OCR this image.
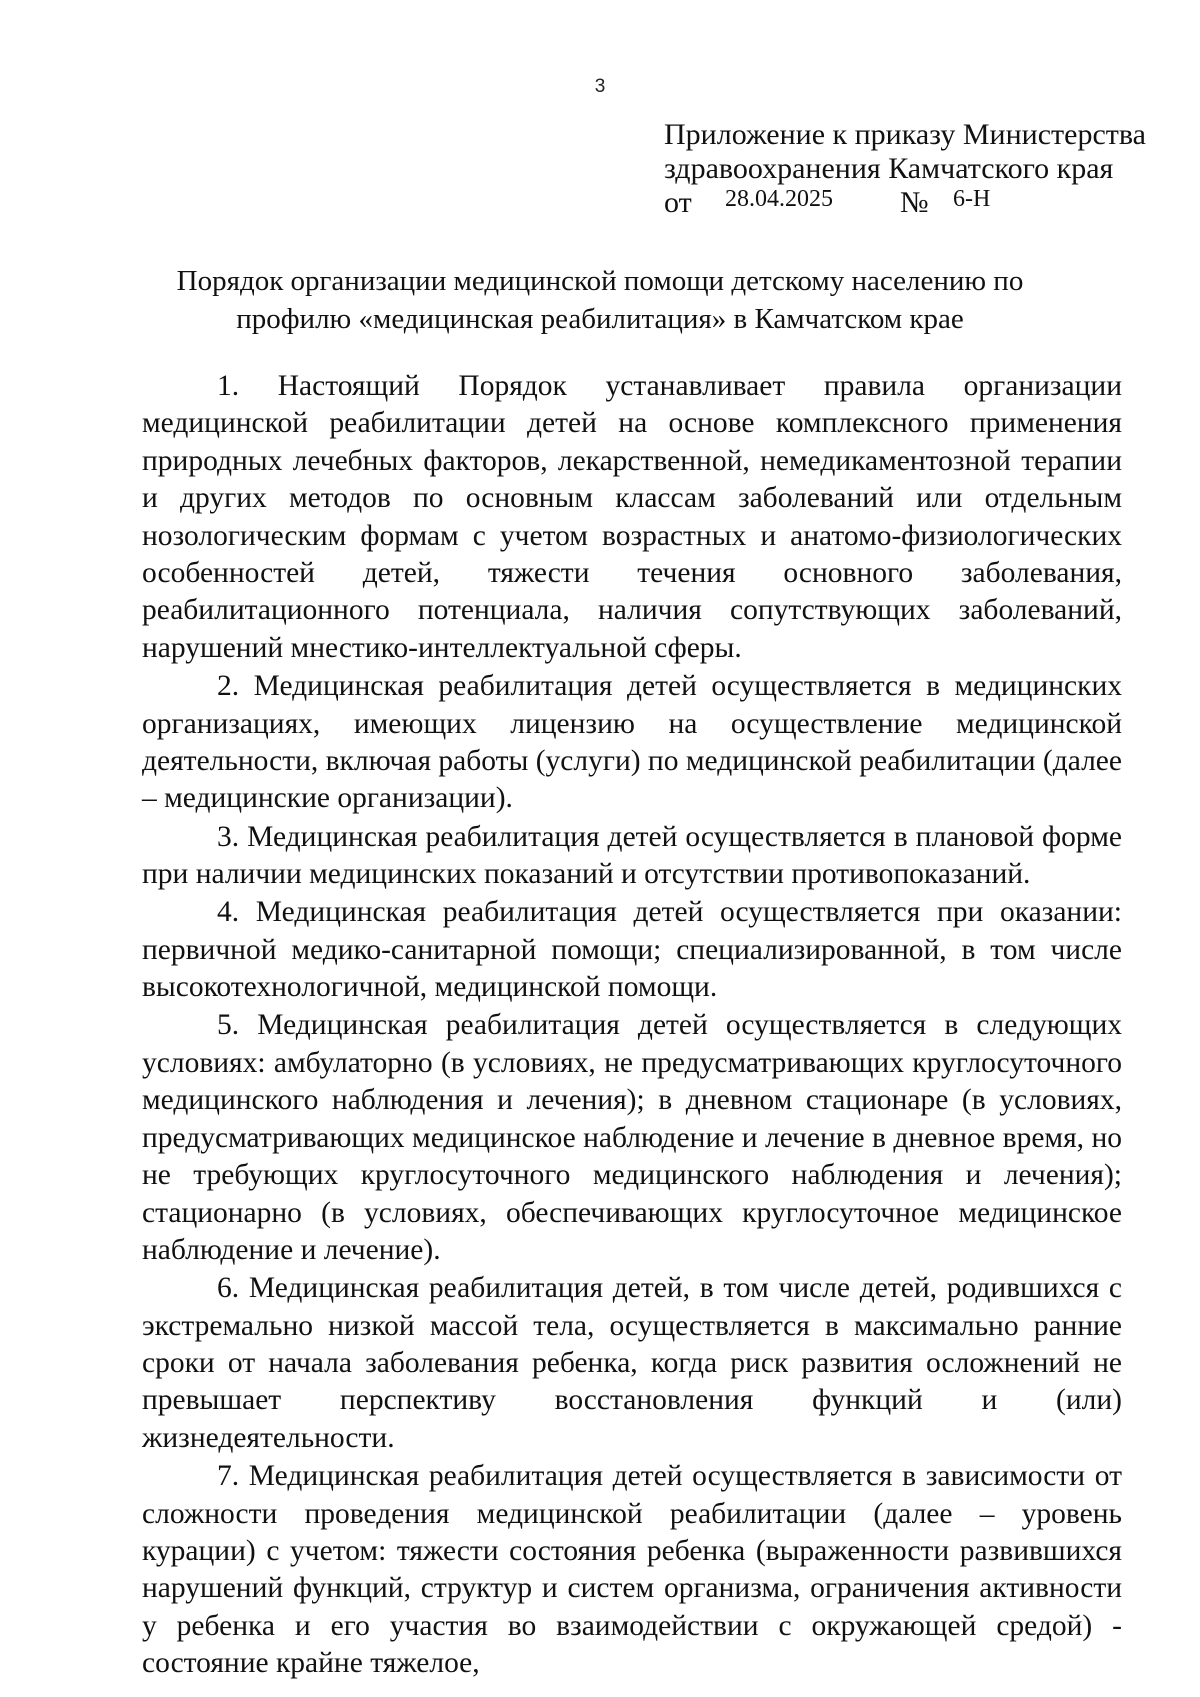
3
Приложение к приказу Министерства
здравоохранения Камчатского края
от 28.04.2025 № 6-Н
Порядок организации медицинской помощи детскому населению по профилю «медицинская реабилитация» в Камчатском крае

1. Настоящий Порядок устанавливает правила организации медицинской реабилитации детей на основе комплексного применения природных лечебных факторов, лекарственной, немедикаментозной терапии и других методов по основным классам заболеваний или отдельным нозологическим формам с учетом возрастных и анатомо-физиологических особенностей детей, тяжести течения основного заболевания, реабилитационного потенциала, наличия сопутствующих заболеваний, нарушений мнестико-интеллектуальной сферы.

2. Медицинская реабилитация детей осуществляется в медицинских организациях, имеющих лицензию на осуществление медицинской деятельности, включая работы (услуги) по медицинской реабилитации (далее – медицинские организации).

3. Медицинская реабилитация детей осуществляется в плановой форме при наличии медицинских показаний и отсутствии противопоказаний.

4. Медицинская реабилитация детей осуществляется при оказании: первичной медико-санитарной помощи; специализированной, в том числе высокотехнологичной, медицинской помощи.

5. Медицинская реабилитация детей осуществляется в следующих условиях: амбулаторно (в условиях, не предусматривающих круглосуточного медицинского наблюдения и лечения); в дневном стационаре (в условиях, предусматривающих медицинское наблюдение и лечение в дневное время, но не требующих круглосуточного медицинского наблюдения и лечения); стационарно (в условиях, обеспечивающих круглосуточное медицинское наблюдение и лечение).

6. Медицинская реабилитация детей, в том числе детей, родившихся с экстремально низкой массой тела, осуществляется в максимально ранние сроки от начала заболевания ребенка, когда риск развития осложнений не превышает перспективу восстановления функций и (или) жизнедеятельности.

7. Медицинская реабилитация детей осуществляется в зависимости от сложности проведения медицинской реабилитации (далее – уровень курации) с учетом: тяжести состояния ребенка (выраженности развившихся нарушений функций, структур и систем организма, ограничения активности у ребенка и его участия во взаимодействии с окружающей средой) - состояние крайне тяжелое,
